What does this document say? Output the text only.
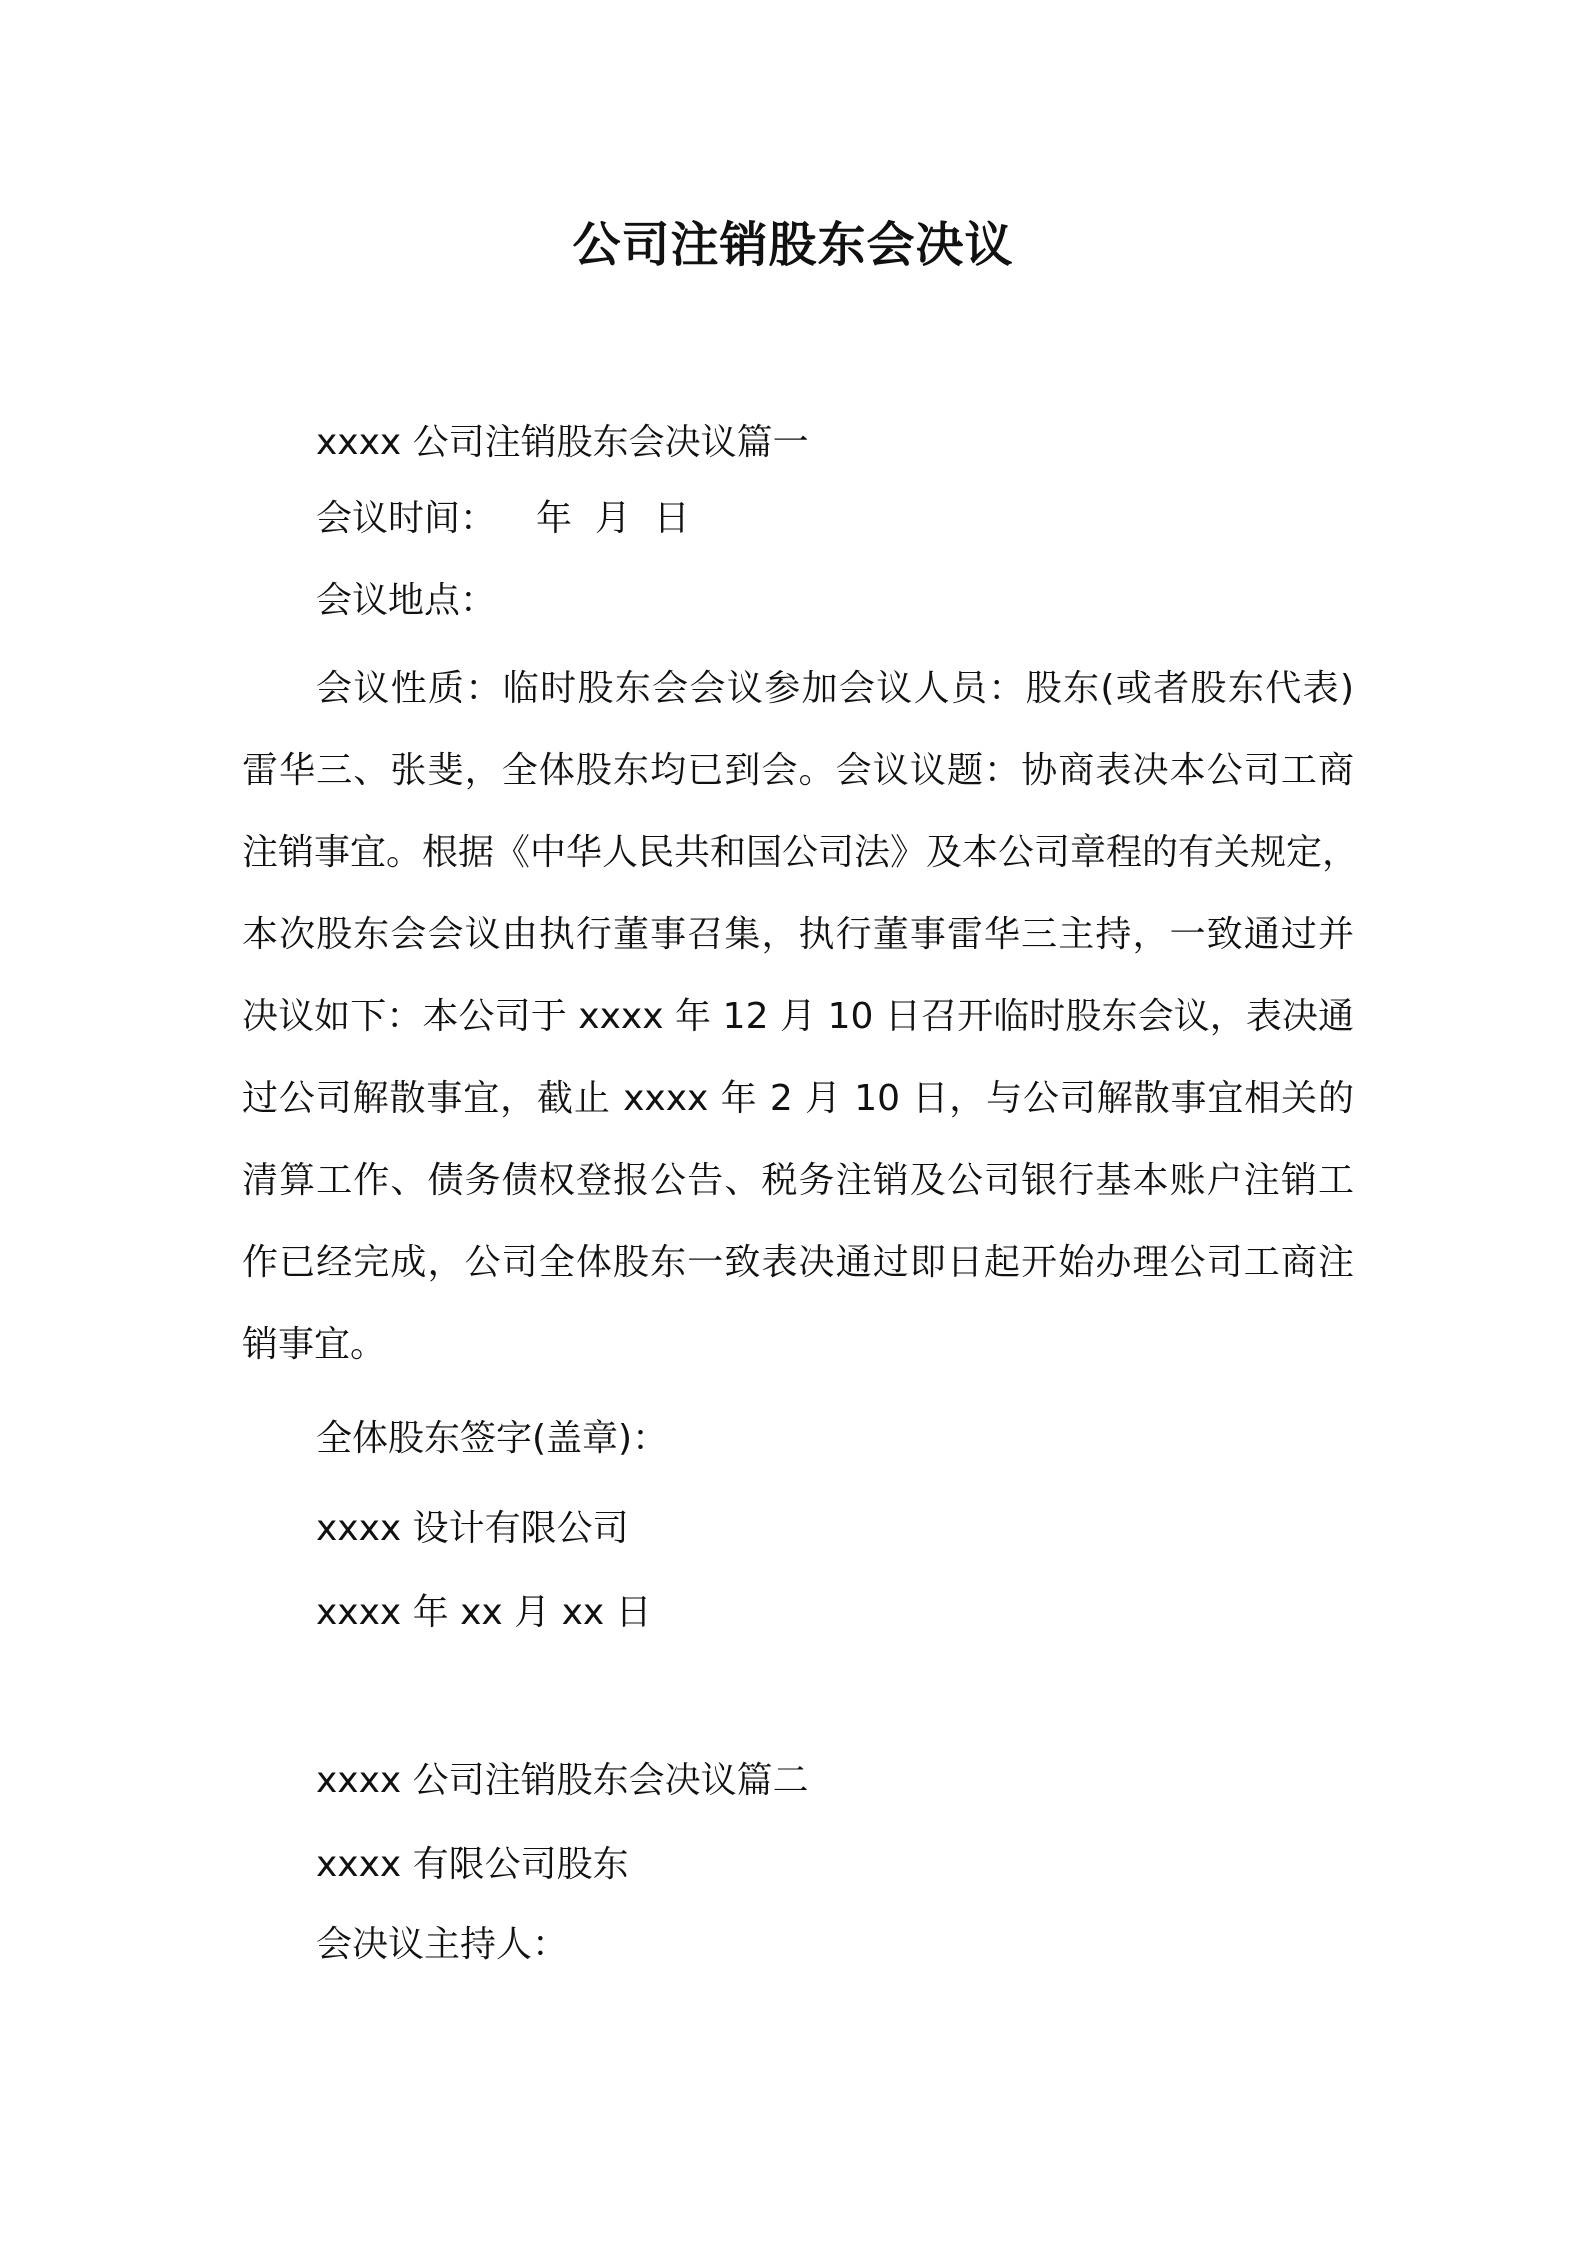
公司注销股东会决议
xxxx 公司注销股东会决议篇一
会议时间： 年  月  日
会议地点：
会议性质：临时股东会会议参加会议人员：股东(或者股东代表)
雷华三、张斐，全体股东均已到会。会议议题：协商表决本公司工商
注销事宜。根据《中华人民共和国公司法》及本公司章程的有关规定，
本次股东会会议由执行董事召集，执行董事雷华三主持，一致通过并
决议如下：本公司于 xxxx 年 12 月 10 日召开临时股东会议，表决通
过公司解散事宜，截止 xxxx 年 2 月 10 日，与公司解散事宜相关的
清算工作、债务债权登报公告、税务注销及公司银行基本账户注销工
作已经完成，公司全体股东一致表决通过即日起开始办理公司工商注
销事宜。
全体股东签字(盖章)：
xxxx 设计有限公司
xxxx 年 xx 月 xx 日
xxxx 公司注销股东会决议篇二
xxxx 有限公司股东
会决议主持人：
